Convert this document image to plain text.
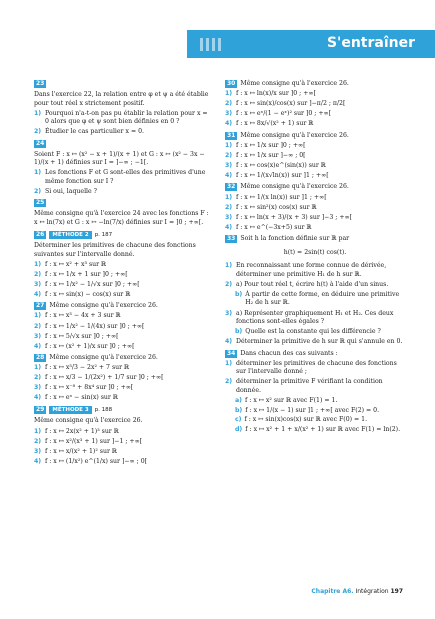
S'entraîner
23
Dans l'exercice 22, la relation entre φ et ψ a été établie pour tout réel x strictement positif.
1) Pourquoi n'a-t-on pas pu établir la relation pour x = 0 alors que φ et ψ sont bien définies en 0 ?
2) Étudier le cas particulier x = 0.
24
Soient F : x ↦ (x² − x + 1)/(x + 1) et G : x ↦ (x² − 3x − 1)/(x + 1) définies sur I = ]−∞ ; −1[.
1) Les fonctions F et G sont-elles des primitives d'une même fonction sur I ?
2) Si oui, laquelle ?
25
Même consigne qu'à l'exercice 24 avec les fonctions F : x ↦ ln(7x) et G : x ↦ −ln(7/x) définies sur I = ]0 ; +∞[.
26	MÉTHODE 2	p. 187
Déterminer les primitives de chacune des fonctions suivantes sur l'intervalle donné.
1) f : x ↦ x² + x³ sur ℝ
2) f : x ↦ 1/x + 1 sur ]0 ; +∞[
3) f : x ↦ 1/x² − 1/√x sur ]0 ; +∞[
4) f : x ↦ sin(x) − cos(x) sur ℝ
27 Même consigne qu'à l'exercice 26.
1) f : x ↦ x³ − 4x + 3 sur ℝ
2) f : x ↦ 1/x² − 1/(4x) sur ]0 ; +∞[
3) f : x ↦ 5/√x sur ]0 ; +∞[
4) f : x ↦ (x² + 1)/x sur ]0 ; +∞[
28 Même consigne qu'à l'exercice 26.
1) f : x ↦ x³/3 − 2x² + 7 sur ℝ
2) f : x ↦ x/3 − 1/(2x²) + 1/7 sur ]0 ; +∞[
3) f : x ↦ x⁻⁸ + 8x⁴ sur ]0 ; +∞[
4) f : x ↦ eˣ − sin(x) sur ℝ
29	MÉTHODE 3	p. 188
Même consigne qu'à l'exercice 26.
1) f : x ↦ 2x(x² + 1)³ sur ℝ
2) f : x ↦ x²/(x³ + 1) sur ]−1 ; +∞[
3) f : x ↦ x/(x² + 1)² sur ℝ
4) f : x ↦ (1/x²) e^(1/x) sur ]−∞ ; 0[
30 Même consigne qu'à l'exercice 26.
1) f : x ↦ ln(x)/x sur ]0 ; +∞[
2) f : x ↦ sin(x)/cos(x) sur ]−π/2 ; π/2[
3) f : x ↦ eˣ/(1 − eˣ)² sur ]0 ; +∞[
4) f : x ↦ 8x/√(x² + 1) sur ℝ
31 Même consigne qu'à l'exercice 26.
1) f : x ↦ 1/x sur ]0 ; +∞[
2) f : x ↦ 1/x sur ]−∞ ; 0[
3) f : x ↦ cos(x)e^(sin(x)) sur ℝ
4) f : x ↦ 1/(x√ln(x)) sur ]1 ; +∞[
32 Même consigne qu'à l'exercice 26.
1) f : x ↦ 1/(x ln(x)) sur ]1 ; +∞[
2) f : x ↦ sin²(x) cos(x) sur ℝ
3) f : x ↦ ln(x + 3)/(x + 3) sur ]−3 ; +∞[
4) f : x ↦ e^(−3x+5) sur ℝ
33 Soit h la fonction définie sur ℝ par
h(t) = 2sin(t) cos(t).
1) En reconnaissant une forme connue de dérivée, déterminer une primitive H₁ de h sur ℝ.
2) a) Pour tout réel t, écrire h(t) à l'aide d'un sinus.
b) À partir de cette forme, en déduire une primitive H₂ de h sur ℝ.
3) a) Représenter graphiquement H₁ et H₂. Ces deux fonctions sont-elles égales ?
b) Quelle est la constante qui les différencie ?
4) Déterminer la primitive de h sur ℝ qui s'annule en 0.
34 Dans chacun des cas suivants :
1) déterminer les primitives de chacune des fonctions sur l'intervalle donné ;
2) déterminer la primitive F vérifiant la condition donnée.
a) f : x ↦ x² sur ℝ avec F(1) = 1.
b) f : x ↦ 1/(x − 1) sur ]1 ; +∞[ avec F(2) = 0.
c) f : x ↦ sin(x)cos(x) sur ℝ avec F(0) = 1.
d) f : x ↦ x² + 1 + x/(x² + 1) sur ℝ avec F(1) = ln(2).
Chapitre A6. Intégration 197
